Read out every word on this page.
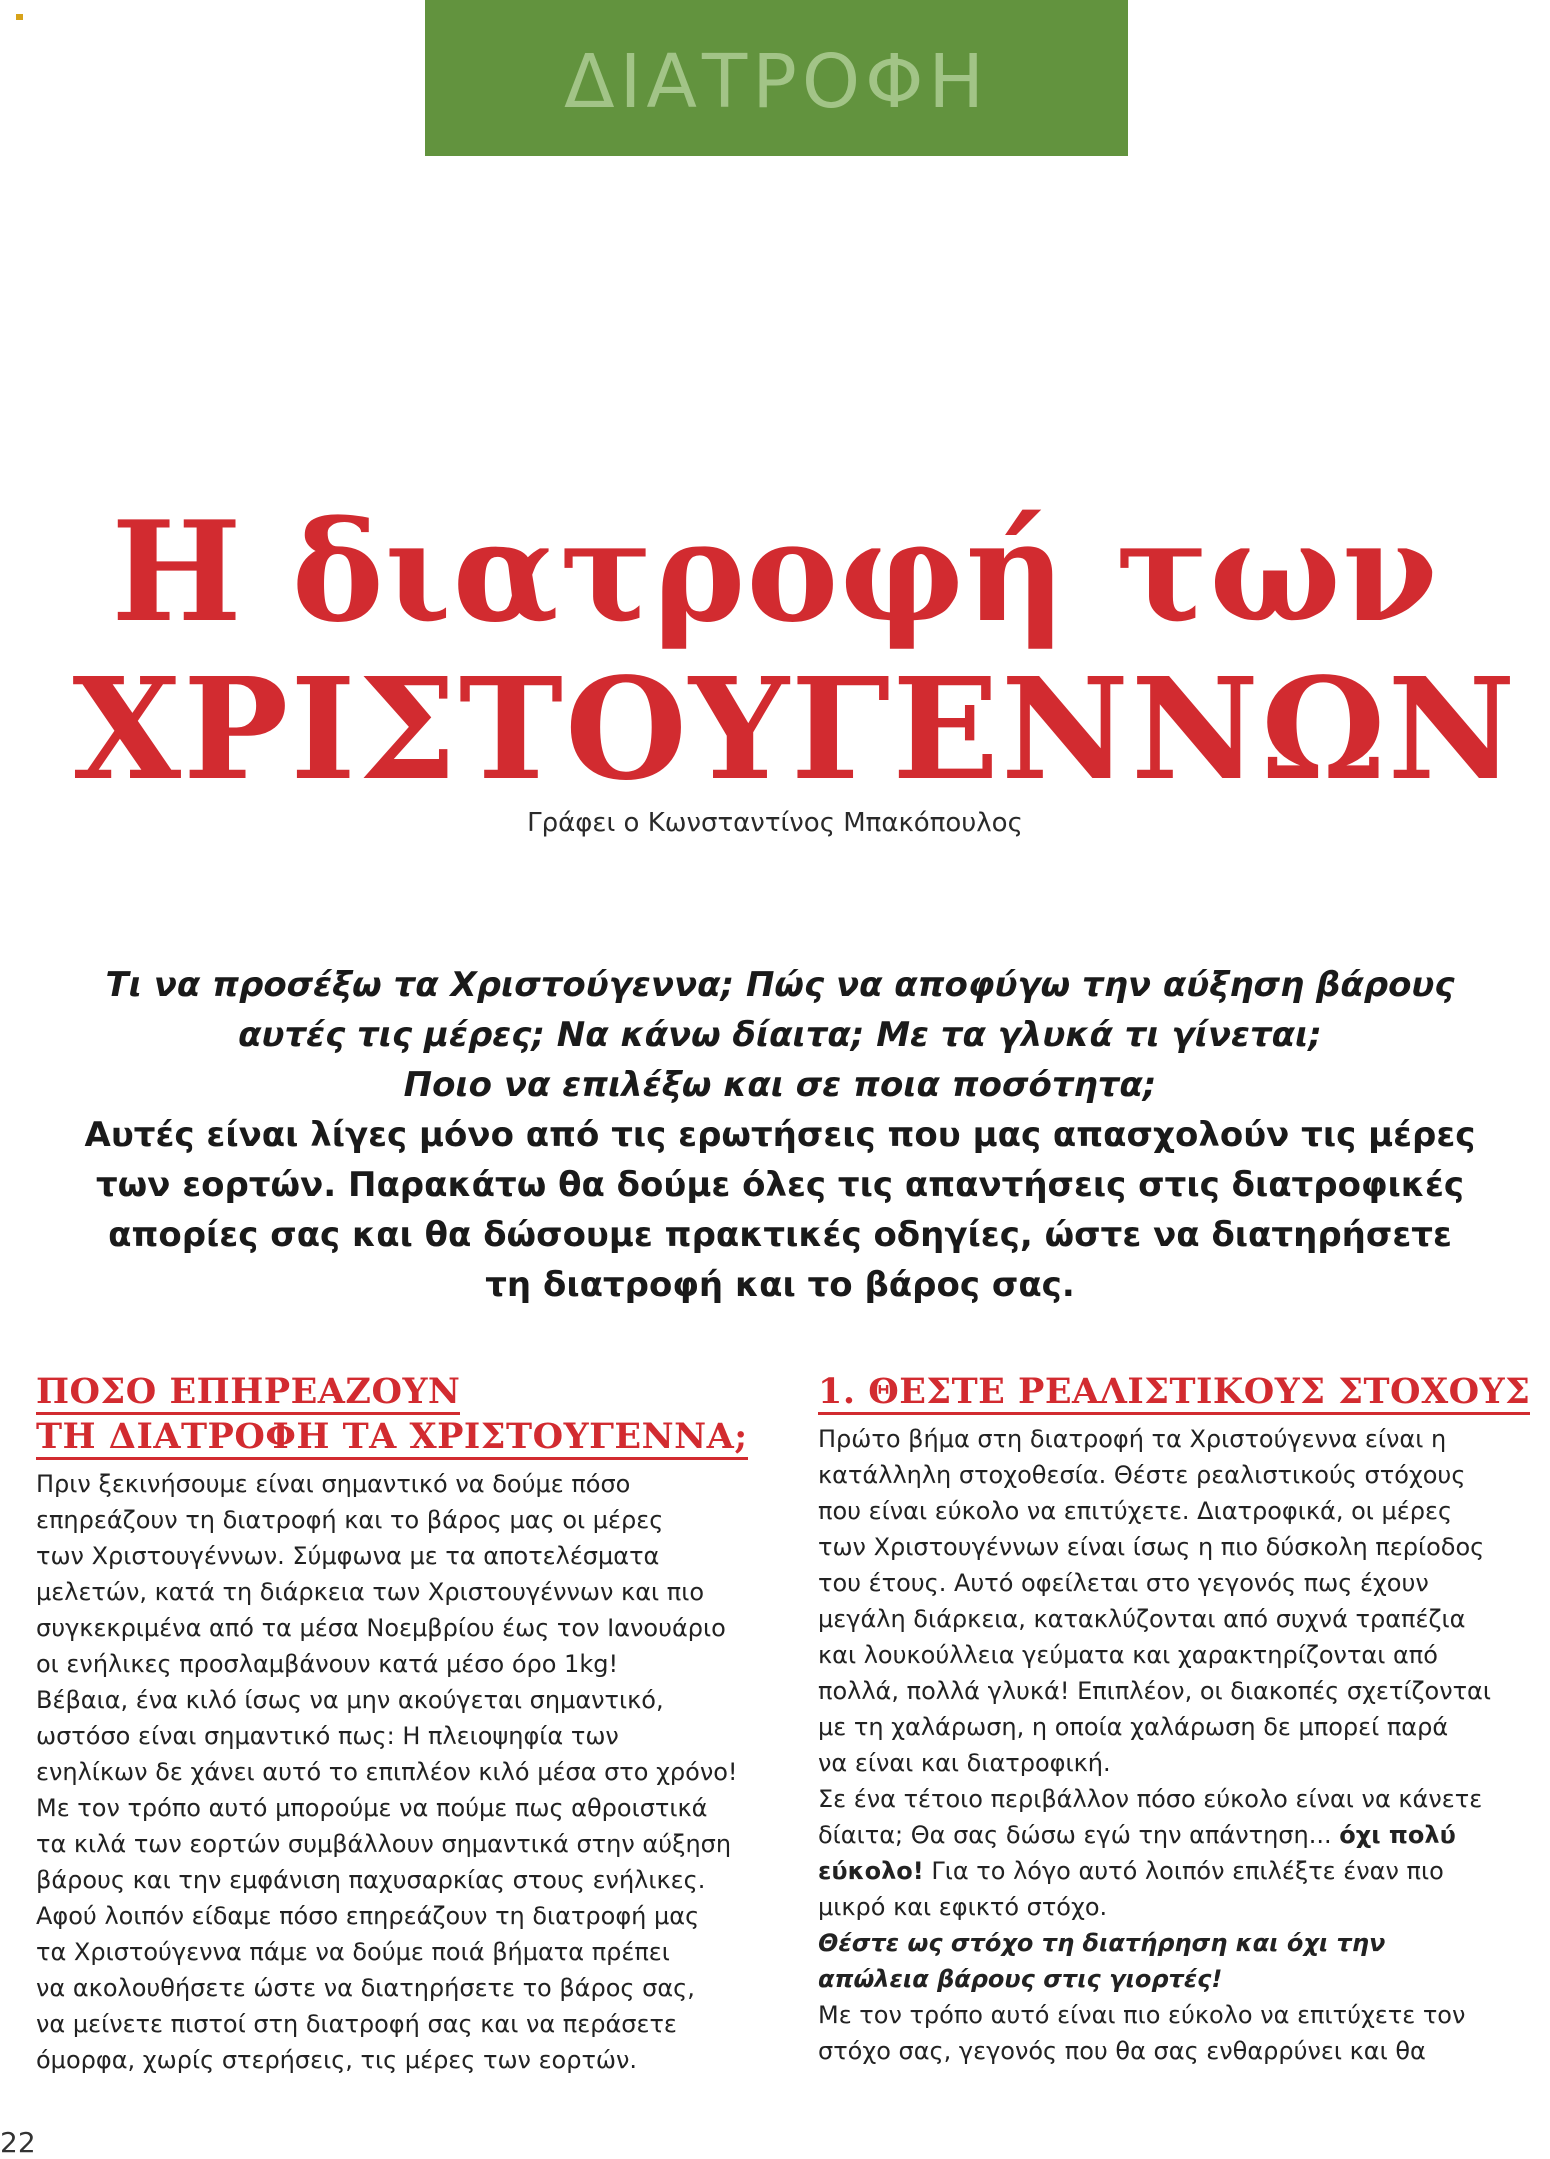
ΔΙΑΤΡΟΦΗ
Η διατροφή των
ΧΡΙΣΤΟΥΓΕΝΝΩΝ
Γράφει ο Κωνσταντίνος Μπακόπουλος

Τι να προσέξω τα Χριστούγεννα; Πώς να αποφύγω την αύξηση βάρους

αυτές τις μέρες; Να κάνω δίαιτα; Με τα γλυκά τι γίνεται;

Ποιο να επιλέξω και σε ποια ποσότητα;

Αυτές είναι λίγες μόνο από τις ερωτήσεις που μας απασχολούν τις μέρες

των εορτών. Παρακάτω θα δούμε όλες τις απαντήσεις στις διατροφικές

απορίες σας και θα δώσουμε πρακτικές οδηγίες, ώστε να διατηρήσετε

τη διατροφή και το βάρος σας.

ΠΟΣΟ ΕΠΗΡΕΑΖΟΥΝ
ΤΗ ΔΙΑΤΡΟΦΗ ΤΑ ΧΡΙΣΤΟΥΓΕΝΝΑ;

Πριν ξεκινήσουμε είναι σημαντικό να δούμε πόσο

επηρεάζουν τη διατροφή και το βάρος μας οι μέρες

των Χριστουγέννων. Σύμφωνα με τα αποτελέσματα

μελετών, κατά τη διάρκεια των Χριστουγέννων και πιο

συγκεκριμένα από τα μέσα Νοεμβρίου έως τον Ιανουάριο

οι ενήλικες προσλαμβάνουν κατά μέσο όρο 1kg!

Βέβαια, ένα κιλό ίσως να μην ακούγεται σημαντικό,

ωστόσο είναι σημαντικό πως: Η πλειοψηφία των

ενηλίκων δε χάνει αυτό το επιπλέον κιλό μέσα στο χρόνο!

Με τον τρόπο αυτό μπορούμε να πούμε πως αθροιστικά

τα κιλά των εορτών συμβάλλουν σημαντικά στην αύξηση

βάρους και την εμφάνιση παχυσαρκίας στους ενήλικες.

Αφού λοιπόν είδαμε πόσο επηρεάζουν τη διατροφή μας

τα Χριστούγεννα πάμε να δούμε ποιά βήματα πρέπει

να ακολουθήσετε ώστε να διατηρήσετε το βάρος σας,

να μείνετε πιστοί στη διατροφή σας και να περάσετε

όμορφα, χωρίς στερήσεις, τις μέρες των εορτών.

1. ΘΕΣΤΕ ΡΕΑΛΙΣΤΙΚΟΥΣ ΣΤΟΧΟΥΣ

Πρώτο βήμα στη διατροφή τα Χριστούγεννα είναι η

κατάλληλη στοχοθεσία. Θέστε ρεαλιστικούς στόχους

που είναι εύκολο να επιτύχετε. Διατροφικά, οι μέρες

των Χριστουγέννων είναι ίσως η πιο δύσκολη περίοδος

του έτους. Αυτό οφείλεται στο γεγονός πως έχουν

μεγάλη διάρκεια, κατακλύζονται από συχνά τραπέζια

και λουκούλλεια γεύματα και χαρακτηρίζονται από

πολλά, πολλά γλυκά! Επιπλέον, οι διακοπές σχετίζονται

με τη χαλάρωση, η οποία χαλάρωση δε μπορεί παρά

να είναι και διατροφική.

Σε ένα τέτοιο περιβάλλον πόσο εύκολο είναι να κάνετε

δίαιτα; Θα σας δώσω εγώ την απάντηση... όχι πολύ

εύκολο! Για το λόγο αυτό λοιπόν επιλέξτε έναν πιο

μικρό και εφικτό στόχο.

Θέστε ως στόχο τη διατήρηση και όχι την

απώλεια βάρους στις γιορτές!

Με τον τρόπο αυτό είναι πιο εύκολο να επιτύχετε τον

στόχο σας, γεγονός που θα σας ενθαρρύνει και θα

22
